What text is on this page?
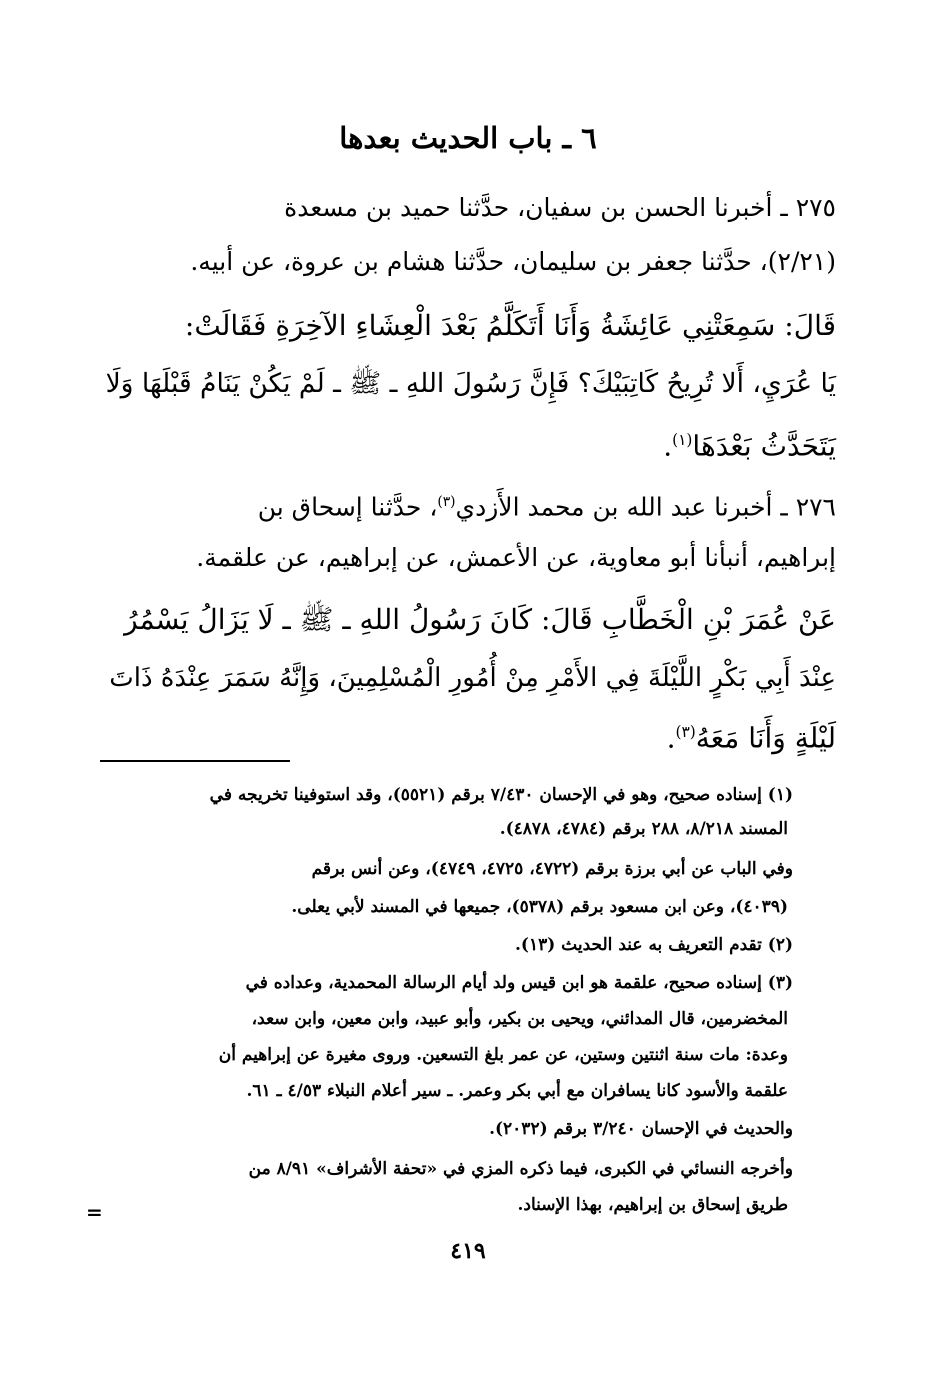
٦ ـ باب الحديث بعدها
٢٧٥ ـ أخبرنا الحسن بن سفيان، حدَّثنا حميد بن مسعدة
(٢/٢١)، حدَّثنا جعفر بن سليمان، حدَّثنا هشام بن عروة، عن أبيه.
قَالَ: سَمِعَتْنِي عَائِشَةُ وَأَنَا أَتَكَلَّمُ بَعْدَ الْعِشَاءِ الآخِرَةِ فَقَالَتْ:
يَا عُرَيِ، أَلا تُرِيحُ كَاتِبَيْكَ؟ فَإِنَّ رَسُولَ اللهِ ـ ﷺ ـ لَمْ يَكُنْ يَنَامُ قَبْلَهَا وَلَا
يَتَحَدَّثُ بَعْدَهَا$^{(١)}$.
٢٧٦ ـ أخبرنا عبد الله بن محمد الأَزدي$^{(٣)}$، حدَّثنا إسحاق بن
إبراهيم، أنبأنا أبو معاوية، عن الأعمش، عن إبراهيم، عن علقمة.
عَنْ عُمَرَ بْنِ الْخَطَّابِ قَالَ: كَانَ رَسُولُ اللهِ ـ ﷺ ـ لَا يَزَالُ يَسْمُرُ
عِنْدَ أَبِي بَكْرٍ اللَّيْلَةَ فِي الأَمْرِ مِنْ أُمُورِ الْمُسْلِمِينَ، وَإِنَّهُ سَمَرَ عِنْدَهُ ذَاتَ
لَيْلَةٍ وَأَنَا مَعَهُ$^{(٣)}$.
(١) إسناده صحيح، وهو في الإحسان ٧/٤٣٠ برقم (٥٥٢١)، وقد استوفينا تخريجه في
المسند ٨/٢١٨، ٢٨٨ برقم (٤٧٨٤، ٤٨٧٨).
وفي الباب عن أبي برزة برقم (٤٧٢٢، ٤٧٢٥، ٤٧٤٩)، وعن أنس برقم
(٤٠٣٩)، وعن ابن مسعود برقم (٥٣٧٨)، جميعها في المسند لأبي يعلى.
(٢) تقدم التعريف به عند الحديث (١٣).
(٣) إسناده صحيح، علقمة هو ابن قيس ولد أيام الرسالة المحمدية، وعداده في
المخضرمين، قال المدائني، ويحيى بن بكير، وأبو عبيد، وابن معين، وابن سعد،
وعدة: مات سنة اثنتين وستين، عن عمر بلغ التسعين. وروى مغيرة عن إبراهيم أن
علقمة والأسود كانا يسافران مع أبي بكر وعمر. ـ سير أعلام النبلاء ٤/٥٣ ـ ٦١.
والحديث في الإحسان ٣/٢٤٠ برقم (٢٠٣٢).
وأخرجه النسائي في الكبرى، فيما ذكره المزي في «تحفة الأشراف» ٨/٩١ من
طريق إسحاق بن إبراهيم، بهذا الإسناد.
=
٤١٩
